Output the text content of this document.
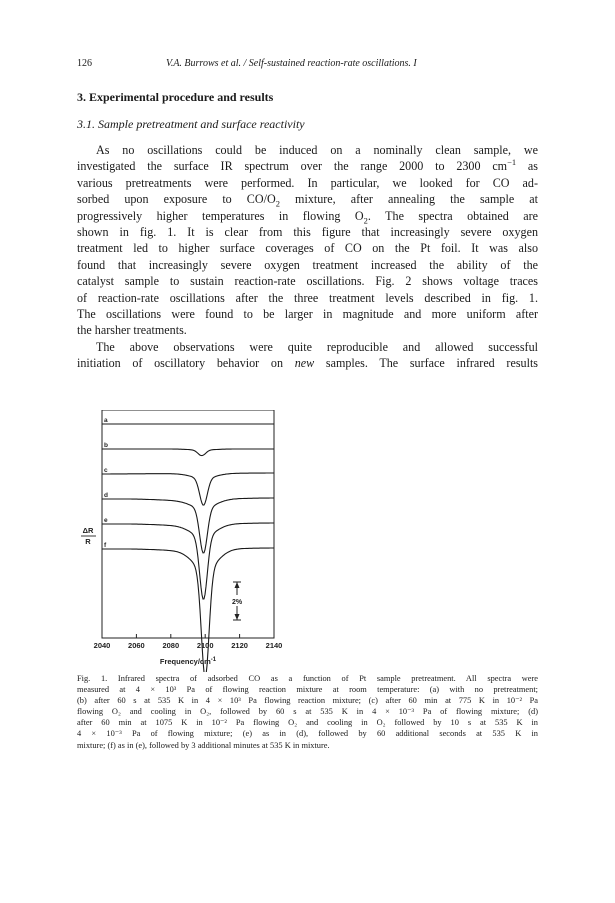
126	V.A. Burrows et al. / Self-sustained reaction-rate oscillations. I
3. Experimental procedure and results
3.1. Sample pretreatment and surface reactivity
As no oscillations could be induced on a nominally clean sample, we
investigated the surface IR spectrum over the range 2000 to 2300 $cm^{-1}$ as
various pretreatments were performed. In particular, we looked for CO ad-
sorbed upon exposure to $CO/O_2$ mixture, after annealing the sample at
progressively higher temperatures in flowing $O_2$. The spectra obtained are
shown in fig. 1. It is clear from this figure that increasingly severe oxygen
treatment led to higher surface coverages of CO on the Pt foil. It was also
found that increasingly severe oxygen treatment increased the ability of the
catalyst sample to sustain reaction-rate oscillations. Fig. 2 shows voltage traces
of reaction-rate oscillations after the three treatment levels described in fig. 1.
The oscillations were found to be larger in magnitude and more uniform after
the harsher treatments.
The above observations were quite reproducible and allowed successful
initiation of oscillatory behavior on new samples. The surface infrared results
a
b
c
d
e
f
2040 2060 2080 2100 2120 2140
2%
ΔR
R
Frequency/$cm^{-1}$
Fig. 1. Infrared spectra of adsorbed CO as a function of Pt sample pretreatment. All spectra were
measured at 4 × 10³ Pa of flowing reaction mixture at room temperature: (a) with no pretreatment;
(b) after 60 s at 535 K in 4 × 10³ Pa flowing reaction mixture; (c) after 60 min at 775 K in 10⁻² Pa
flowing O₂ and cooling in O₂, followed by 60 s at 535 K in 4 × 10⁻³ Pa of flowing mixture; (d)
after 60 min at 1075 K in 10⁻² Pa flowing O₂ and cooling in O₂ followed by 10 s at 535 K in
4 × 10⁻³ Pa of flowing mixture; (e) as in (d), followed by 60 additional seconds at 535 K in
mixture; (f) as in (e), followed by 3 additional minutes at 535 K in mixture.
